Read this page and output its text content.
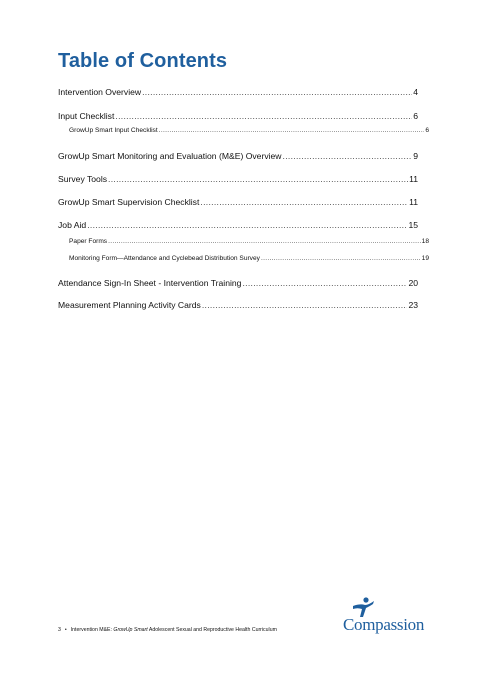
Table of Contents
Intervention Overview .....	4
Input Checklist .....	6
GrowUp Smart Input Checklist .....	6
GrowUp Smart Monitoring and Evaluation (M&E) Overview .....	9
Survey Tools .....	11
GrowUp Smart Supervision Checklist .....	11
Job Aid .....	15
Paper Forms .....	18
Monitoring Form—Attendance and Cyclebead Distribution Survey .....	19
Attendance Sign-In Sheet - Intervention Training .....	20
Measurement Planning Activity Cards .....	23
3 • Intervention M&E: GrowUp Smart Adolescent Sexual and Reproductive Health Curriculum	Compassion
